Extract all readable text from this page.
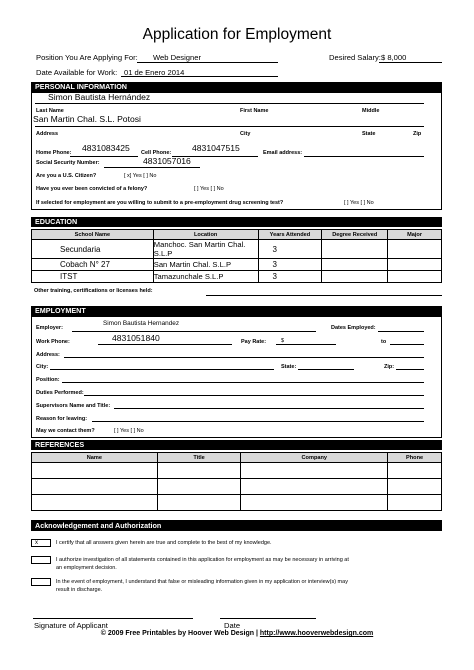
Application for Employment
Position You Are Applying For: Web Designer	Desired Salary: $ 8,000
Date Available for Work: 01 de Enero 2014
PERSONAL INFORMATION
Simon Bautista Hernández
Last Name	First Name	Middle
San Martin Chal. S.L. Potosi
Address	City	State	Zip
Home Phone: 4831083425 Cell Phone: 4831047515	Email address:
Social Security Number:	4831057016
Are you a U.S. Citizen?	[ x] Yes [ ] No
Have you ever been convicted of a felony?	[ ] Yes [ ] No
If selected for employment are you willing to submit to a pre-employment drug screening test?	[ ] Yes [ ] No
EDUCATION
School Name	Location	Years Attended	Degree Received	Major
Secundaria	Manchoc. San Martin Chal. S.L.P	3		
Cobach N° 27	San Martin Chal. S.L.P	3		
ITST	Tamazunchale S.L.P	3		
Other training, certifications or licenses held:
EMPLOYMENT
Employer:
Simon Bautista Hernandez
Dates Employed:
Work Phone:	4831051840	Pay Rate:	$	to
Address:
City:	State:	Zip:
Position:
Duties Performed:
Supervisors Name and Title:
Reason for leaving:
May we contact them?	[ ] Yes [ ] No
REFERENCES
Name	Title	Company	Phone

Acknowledgement and Authorization
x	I certify that all answers given herein are true and complete to the best of my knowledge.
I authorize investigation of all statements contained in this application for employment as may be necessary in arriving at
an employment decision.
In the event of employment, I understand that false or misleading information given in my application or interview(s) may
result in discharge.
Signature of Applicant	Date
© 2009 Free Printables by Hoover Web Design | http://www.hooverwebdesign.com
